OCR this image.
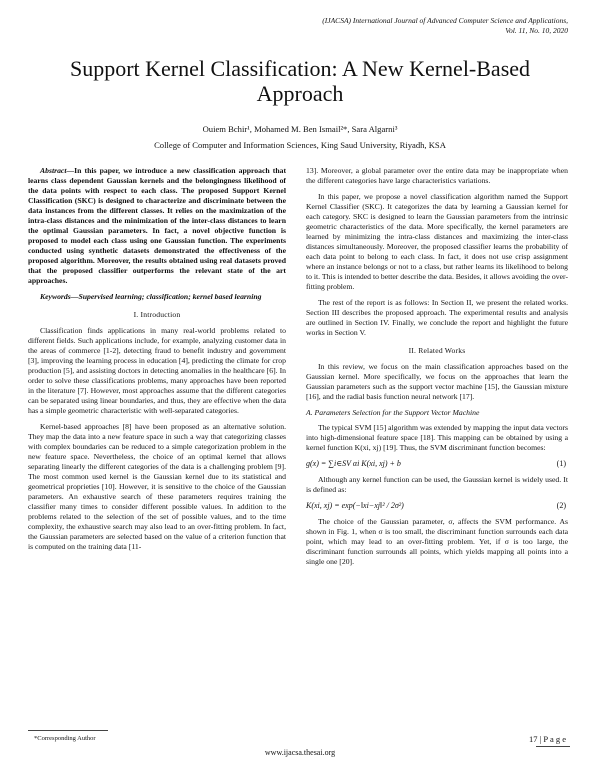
(IJACSA) International Journal of Advanced Computer Science and Applications,
Vol. 11, No. 10, 2020
Support Kernel Classification: A New Kernel-Based Approach
Ouiem Bchir¹, Mohamed M. Ben Ismail²*, Sara Algarni³
College of Computer and Information Sciences, King Saud University, Riyadh, KSA

Abstract—In this paper, we introduce a new classification approach that learns class dependent Gaussian kernels and the belongingness likelihood of the data points with respect to each class. The proposed Support Kernel Classification (SKC) is designed to characterize and discriminate between the data instances from the different classes. It relies on the maximization of the intra-class distances and the minimization of the inter-class distances to learn the optimal Gaussian parameters. In fact, a novel objective function is proposed to model each class using one Gaussian function. The experiments conducted using synthetic datasets demonstrated the effectiveness of the proposed algorithm. Moreover, the results obtained using real datasets proved that the proposed classifier outperforms the relevant state of the art approaches.

Keywords—Supervised learning; classification; kernel based learning

I. Introduction

Classification finds applications in many real-world problems related to different fields. Such applications include, for example, analyzing customer data in the areas of commerce [1-2], detecting fraud to benefit industry and government [3], improving the learning process in education [4], predicting the climate for crop production [5], and assisting doctors in detecting anomalies in the healthcare [6]. In order to solve these classifications problems, many approaches have been reported in the literature [7]. However, most approaches assume that the different categories can be separated using linear boundaries, and thus, they are effective when the data has a simple geometric characteristic with well-separated categories.

Kernel-based approaches [8] have been proposed as an alternative solution. They map the data into a new feature space in such a way that categorizing classes with complex boundaries can be reduced to a simple categorization problem in the new feature space. Nevertheless, the choice of an optimal kernel that allows separating linearly the different categories of the data is a challenging problem [9]. The most common used kernel is the Gaussian kernel due to its statistical and geometrical proprieties [10]. However, it is sensitive to the choice of the Gaussian parameters. An exhaustive search of these parameters requires training the classifier many times to consider different possible values. In addition to the problems related to the selection of the set of possible values, and to the time complexity, the exhaustive search may also lead to an over-fitting problem. In fact, the Gaussian parameters are selected based on the value of a criterion function that is computed on the training data [11-

13]. Moreover, a global parameter over the entire data may be inappropriate when the different categories have large characteristics variations.

In this paper, we propose a novel classification algorithm named the Support Kernel Classifier (SKC). It categorizes the data by learning a Gaussian kernel for each category. SKC is designed to learn the Gaussian parameters from the intrinsic geometric characteristics of the data. More specifically, the kernel parameters are learned by minimizing the intra-class distances and maximizing the inter-class distances simultaneously. Moreover, the proposed classifier learns the probability of each data point to belong to each class. In fact, it does not use crisp assignment where an instance belongs or not to a class, but rather learns its likelihood to belong to it. This is intended to better describe the data. Besides, it allows avoiding the over-fitting problem.

The rest of the report is as follows: In Section II, we present the related works. Section III describes the proposed approach. The experimental results and analysis are outlined in Section IV. Finally, we conclude the report and highlight the future works in Section V.

II. Related Works

In this review, we focus on the main classification approaches based on the Gaussian kernel. More specifically, we focus on the approaches that learn the Gaussian parameters such as the support vector machine [15], the Gaussian mixture [16], and the radial basis function neural network [17].

A. Parameters Selection for the Support Vector Machine

The typical SVM [15] algorithm was extended by mapping the input data vectors into high-dimensional feature space [18]. This mapping can be obtained by using a kernel function K(xi, xj) [19]. Thus, the SVM discriminant function becomes:

g(x) = ∑i∈SV αi K(xi, xj) + b	(1)

Although any kernel function can be used, the Gaussian kernel is widely used. It is defined as:

K(xi, xj) = exp(−‖xi−xj‖² / 2σ²)	(2)

The choice of the Gaussian parameter, σ, affects the SVM performance. As shown in Fig. 1, when σ is too small, the discriminant function surrounds each data point, which may lead to an over-fitting problem. Yet, if σ is too large, the discriminant function surrounds all points, which yields mapping all points into a single one [20].

*Corresponding Author	17 | P a g e
www.ijacsa.thesai.org
